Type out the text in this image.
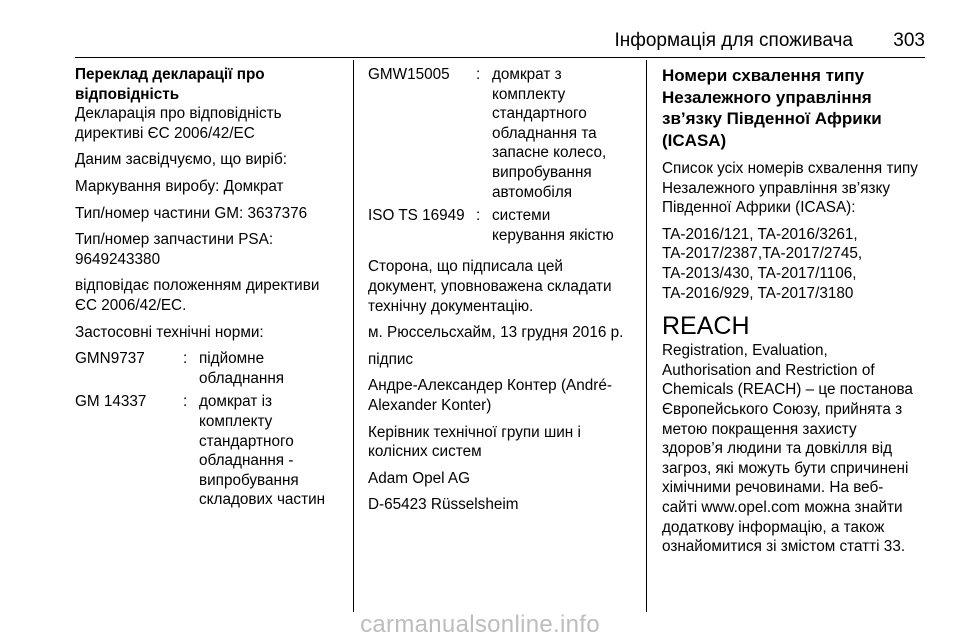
Інформація для споживача 303

Переклад декларації про
відповідність

Декларація про відповідність
директиві ЄС 2006/42/ЕС

Даним засвідчуємо, що виріб:

Маркування виробу: Домкрат

Тип/номер частини GM: 3637376

Тип/номер запчастини PSA:
9649243380

відповідає положенням директиви
ЄС 2006/42/ЕС.

Застосовні технічні норми:

GMN9737	: підйомне
обладнання
GM 14337	: домкрат із
комплекту
стандартного
обладнання -
випробування
складових частин
GMW15005	: домкрат з
комплекту
стандартного
обладнання та
запасне колесо,
випробування
автомобіля
ISO TS 16949 : системи
керування якістю

Сторона, що підписала цей
документ, уповноважена складати
технічну документацію.

м. Рюссельсхайм, 13 грудня 2016 р.

підпис

Андре-Александер Контер (André-
Alexander Konter)

Керівник технічної групи шин і
колісних систем

Adam Opel AG

D-65423 Rüsselsheim

Номери схвалення типу
Незалежного управління
зв’язку Південної Африки
(ICASA)

Список усіх номерів схвалення типу
Незалежного управління зв’язку
Південної Африки (ICASA):

TA-2016/121, TA-2016/3261,
TA-2017/2387,TA-2017/2745,
TA-2013/430, TA-2017/1106,
TA-2016/929, TA-2017/3180

REACH

Registration, Evaluation,
Authorisation and Restriction of
Chemicals (REACH) – це постанова
Європейського Союзу, прийнята з
метою покращення захисту
здоров’я людини та довкілля від
загроз, які можуть бути спричинені
хімічними речовинами. На веб-
сайті www.opel.com можна знайти
додаткову інформацію, а також
ознайомитися зі змістом статті 33.

carmanualsonline.info
